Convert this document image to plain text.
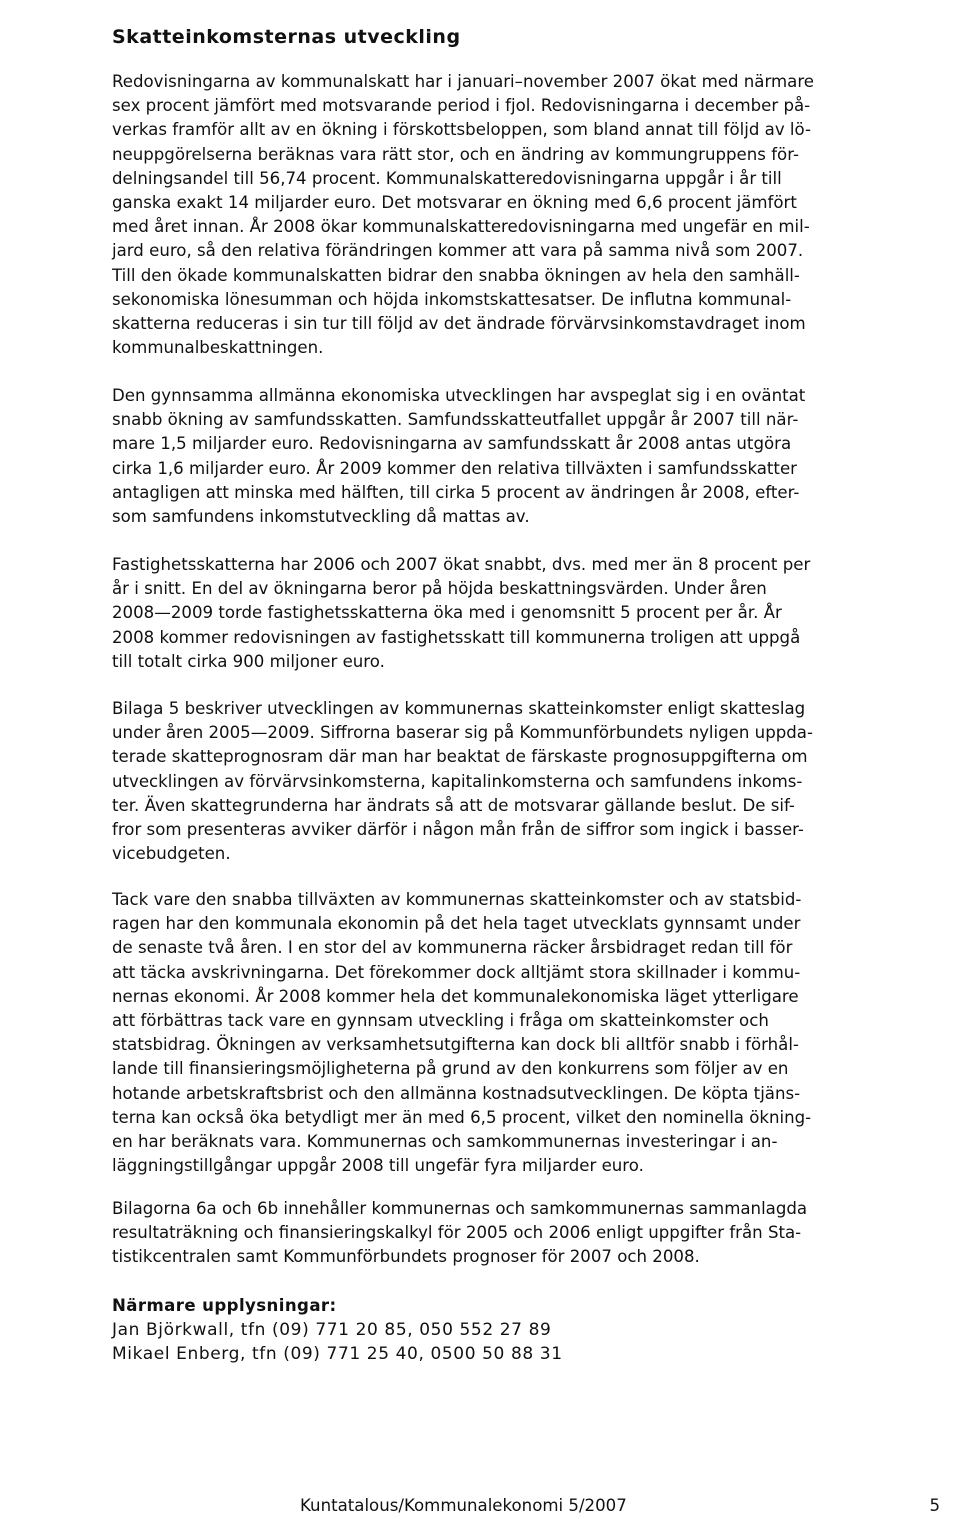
Skatteinkomsternas utveckling
Redovisningarna av kommunalskatt har i januari–november 2007 ökat med närmare
sex procent jämfört med motsvarande period i fjol. Redovisningarna i december på-
verkas framför allt av en ökning i förskottsbeloppen, som bland annat till följd av lö-
neuppgörelserna beräknas vara rätt stor, och en ändring av kommungruppens för-
delningsandel till 56,74 procent. Kommunalskatteredovisningarna uppgår i år till
ganska exakt 14 miljarder euro. Det motsvarar en ökning med 6,6 procent jämfört
med året innan. År 2008 ökar kommunalskatteredovisningarna med ungefär en mil-
jard euro, så den relativa förändringen kommer att vara på samma nivå som 2007.
Till den ökade kommunalskatten bidrar den snabba ökningen av hela den samhäll-
sekonomiska lönesumman och höjda inkomstskattesatser. De influtna kommunal-
skatterna reduceras i sin tur till följd av det ändrade förvärvsinkomstavdraget inom
kommunalbeskattningen.
Den gynnsamma allmänna ekonomiska utvecklingen har avspeglat sig i en oväntat
snabb ökning av samfundsskatten. Samfundsskatteutfallet uppgår år 2007 till när-
mare 1,5 miljarder euro. Redovisningarna av samfundsskatt år 2008 antas utgöra
cirka 1,6 miljarder euro. År 2009 kommer den relativa tillväxten i samfundsskatter
antagligen att minska med hälften, till cirka 5 procent av ändringen år 2008, efter-
som samfundens inkomstutveckling då mattas av.
Fastighetsskatterna har 2006 och 2007 ökat snabbt, dvs. med mer än 8 procent per
år i snitt. En del av ökningarna beror på höjda beskattningsvärden. Under åren
2008—2009 torde fastighetsskatterna öka med i genomsnitt 5 procent per år. År
2008 kommer redovisningen av fastighetsskatt till kommunerna troligen att uppgå
till totalt cirka 900 miljoner euro.
Bilaga 5 beskriver utvecklingen av kommunernas skatteinkomster enligt skatteslag
under åren 2005—2009. Siffrorna baserar sig på Kommunförbundets nyligen uppda-
terade skatteprognosram där man har beaktat de färskaste prognosuppgifterna om
utvecklingen av förvärvsinkomsterna, kapitalinkomsterna och samfundens inkoms-
ter. Även skattegrunderna har ändrats så att de motsvarar gällande beslut. De sif-
fror som presenteras avviker därför i någon mån från de siffror som ingick i basser-
vicebudgeten.
Tack vare den snabba tillväxten av kommunernas skatteinkomster och av statsbid-
ragen har den kommunala ekonomin på det hela taget utvecklats gynnsamt under
de senaste två åren. I en stor del av kommunerna räcker årsbidraget redan till för
att täcka avskrivningarna. Det förekommer dock alltjämt stora skillnader i kommu-
nernas ekonomi. År 2008 kommer hela det kommunalekonomiska läget ytterligare
att förbättras tack vare en gynnsam utveckling i fråga om skatteinkomster och
statsbidrag. Ökningen av verksamhetsutgifterna kan dock bli alltför snabb i förhål-
lande till finansieringsmöjligheterna på grund av den konkurrens som följer av en
hotande arbetskraftsbrist och den allmänna kostnadsutvecklingen. De köpta tjäns-
terna kan också öka betydligt mer än med 6,5 procent, vilket den nominella ökning-
en har beräknats vara. Kommunernas och samkommunernas investeringar i an-
läggningstillgångar uppgår 2008 till ungefär fyra miljarder euro.
Bilagorna 6a och 6b innehåller kommunernas och samkommunernas sammanlagda
resultaträkning och finansieringskalkyl för 2005 och 2006 enligt uppgifter från Sta-
tistikcentralen samt Kommunförbundets prognoser för 2007 och 2008.
Närmare upplysningar:
Jan Björkwall, tfn (09) 771 20 85, 050 552 27 89
Mikael Enberg, tfn (09) 771 25 40, 0500 50 88 31
Kuntatalous/Kommunalekonomi 5/2007	5
